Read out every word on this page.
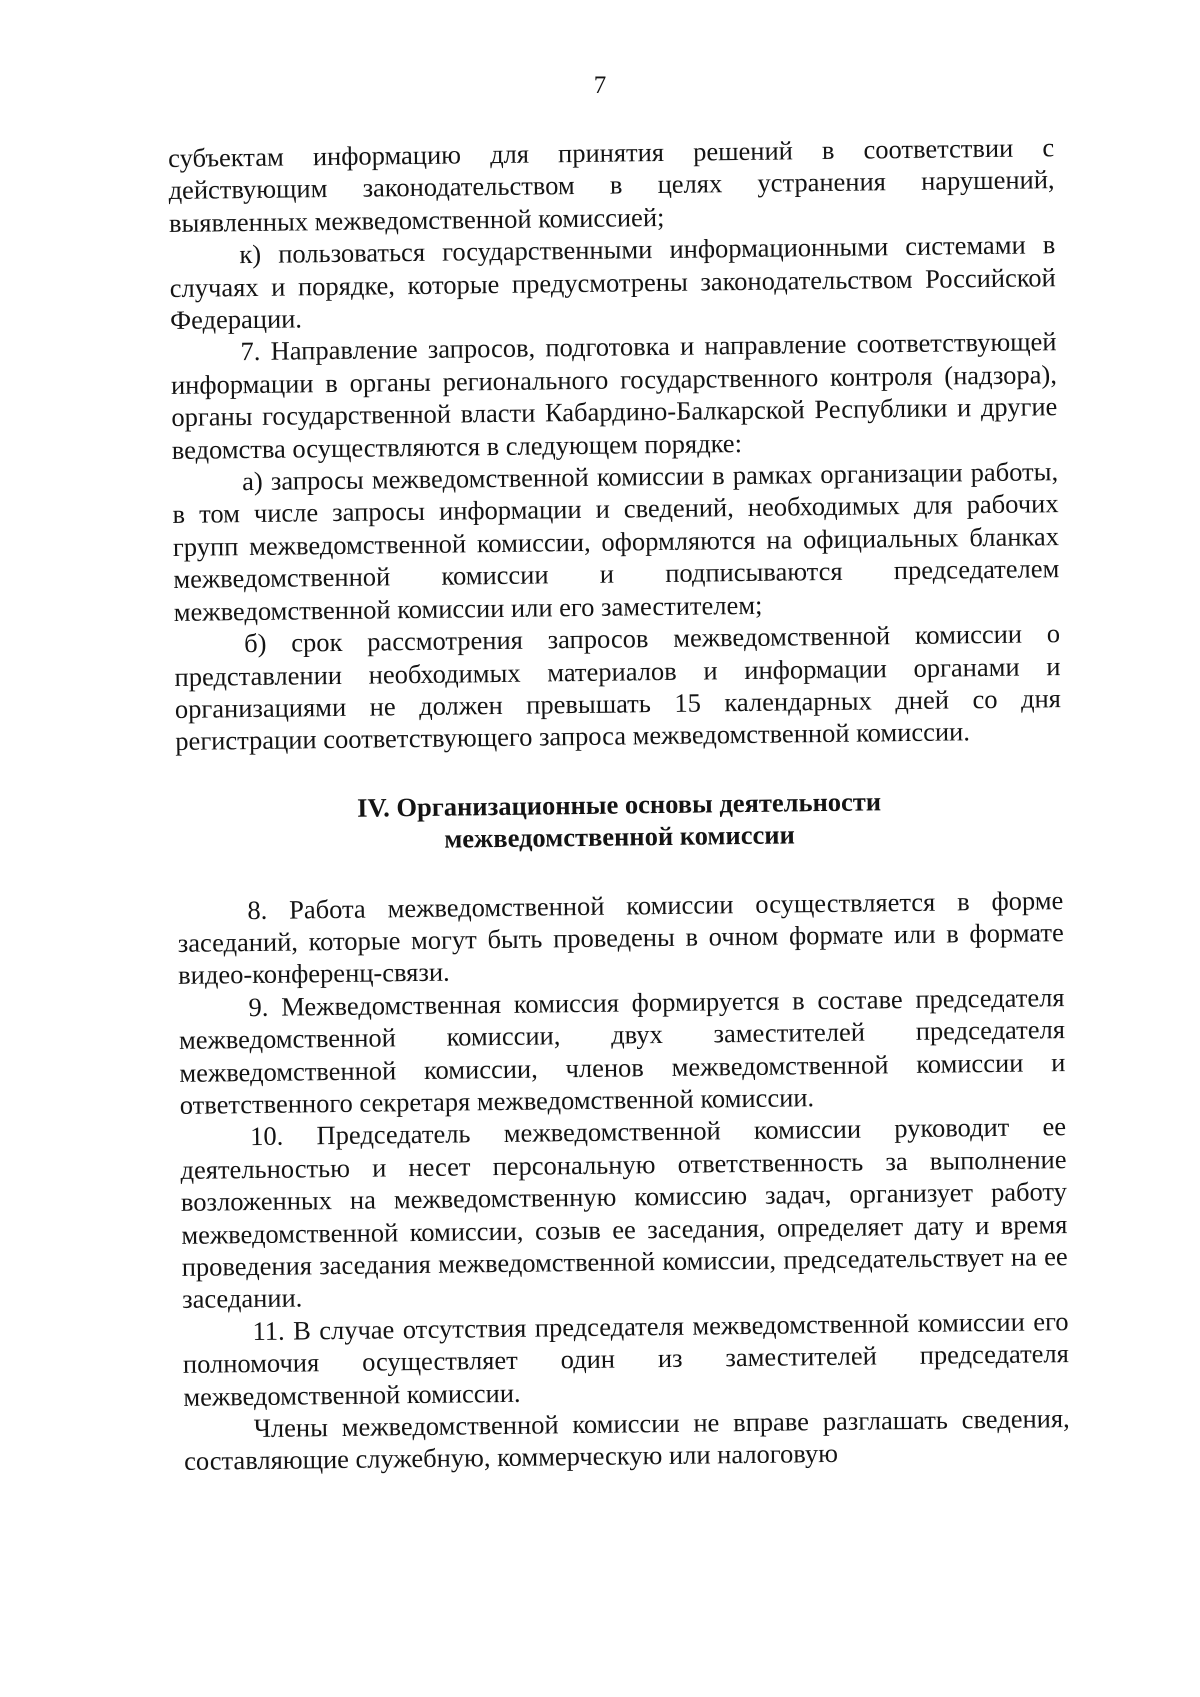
7

субъектам информацию для принятия решений в соответствии с действующим законодательством в целях устранения нарушений, выявленных межведомственной комиссией;

к) пользоваться государственными информационными системами в случаях и порядке, которые предусмотрены законодательством Российской Федерации.

7. Направление запросов, подготовка и направление соответствующей информации в органы регионального государственного контроля (надзора), органы государственной власти Кабардино-Балкарской Республики и другие ведомства осуществляются в следующем порядке:

а) запросы межведомственной комиссии в рамках организации работы, в том числе запросы информации и сведений, необходимых для рабочих групп межведомственной комиссии, оформляются на официальных бланках межведомственной комиссии и подписываются председателем межведомственной комиссии или его заместителем;

б) срок рассмотрения запросов межведомственной комиссии о представлении необходимых материалов и информации органами и организациями не должен превышать 15 календарных дней со дня регистрации соответствующего запроса межведомственной комиссии.

IV. Организационные основы деятельности
межведомственной комиссии

8. Работа межведомственной комиссии осуществляется в форме заседаний, которые могут быть проведены в очном формате или в формате видео-конференц-связи.

9. Межведомственная комиссия формируется в составе председателя межведомственной комиссии, двух заместителей председателя межведомственной комиссии, членов межведомственной комиссии и ответственного секретаря межведомственной комиссии.

10. Председатель межведомственной комиссии руководит ее деятельностью и несет персональную ответственность за выполнение возложенных на межведомственную комиссию задач, организует работу межведомственной комиссии, созыв ее заседания, определяет дату и время проведения заседания межведомственной комиссии, председательствует на ее заседании.

11. В случае отсутствия председателя межведомственной комиссии его полномочия осуществляет один из заместителей председателя межведомственной комиссии.

Члены межведомственной комиссии не вправе разглашать сведения, составляющие служебную, коммерческую или налоговую
